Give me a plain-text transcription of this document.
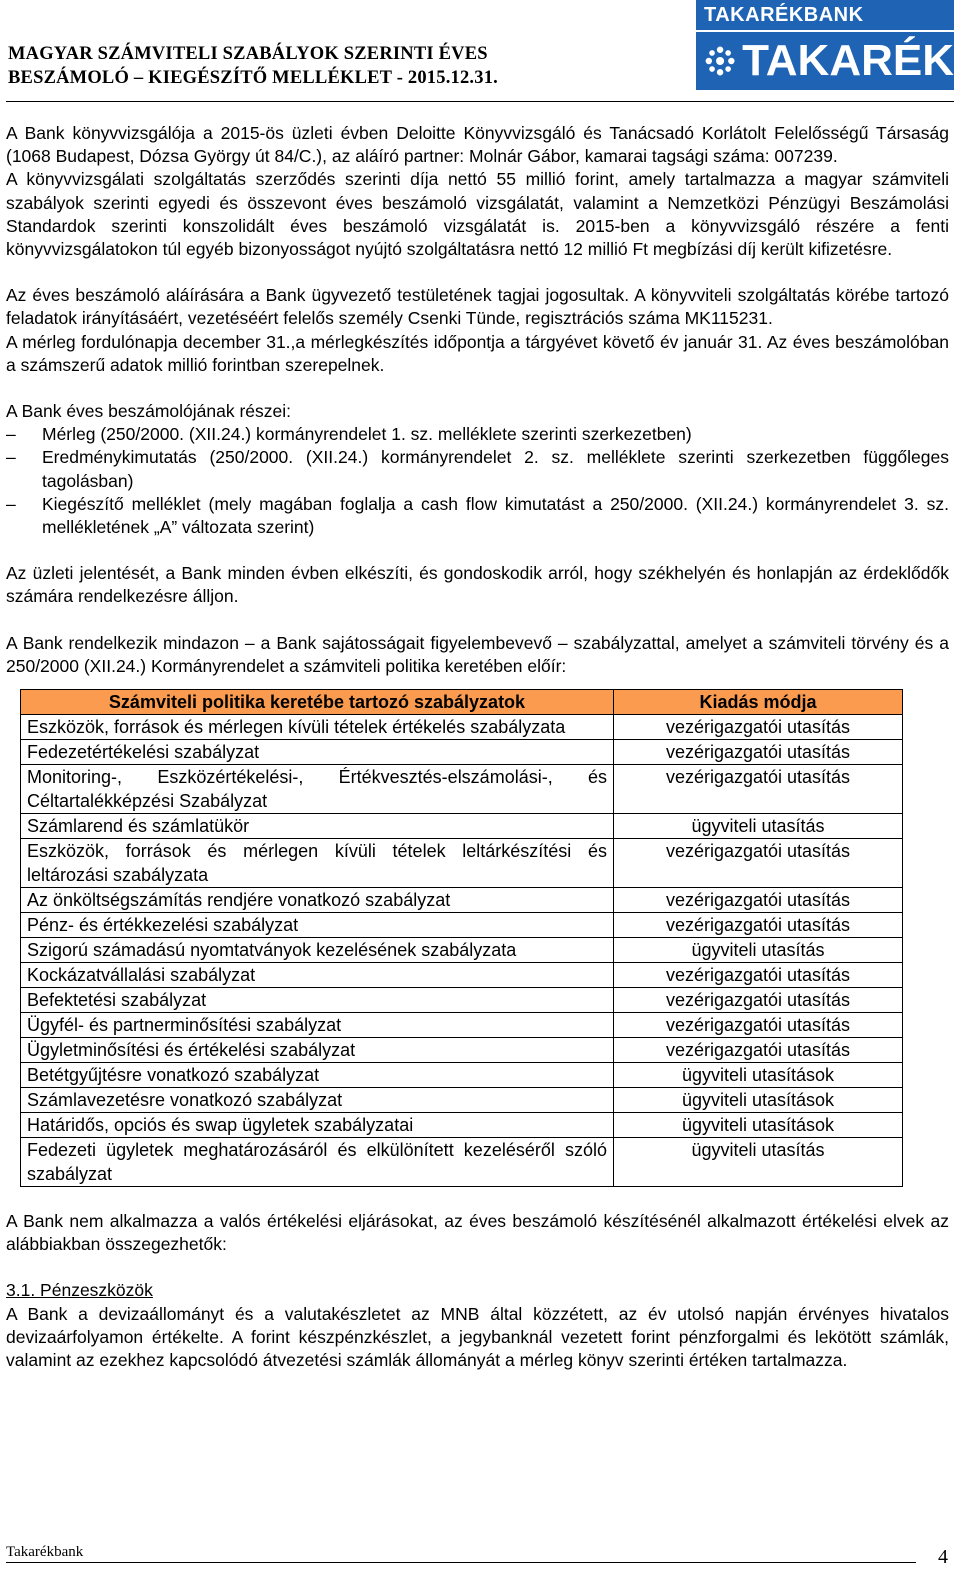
MAGYAR SZÁMVITELI SZABÁLYOK SZERINTI ÉVES
BESZÁMOLÓ – KIEGÉSZÍTŐ MELLÉKLET - 2015.12.31.
TAKARÉKBANK
TAKARÉK

A Bank könyvvizsgálója a 2015-ös üzleti évben Deloitte Könyvvizsgáló és Tanácsadó Korlátolt Felelősségű Társaság (1068 Budapest, Dózsa György út 84/C.), az aláíró partner: Molnár Gábor, kamarai tagsági száma: 007239.

A könyvvizsgálati szolgáltatás szerződés szerinti díja nettó 55 millió forint, amely tartalmazza a magyar számviteli szabályok szerinti egyedi és összevont éves beszámoló vizsgálatát, valamint a Nemzetközi Pénzügyi Beszámolási Standardok szerinti konszolidált éves beszámoló vizsgálatát is. 2015-ben a könyvvizsgáló részére a fenti könyvvizsgálatokon túl egyéb bizonyosságot nyújtó szolgáltatásra nettó 12 millió Ft megbízási díj került kifizetésre.

Az éves beszámoló aláírására a Bank ügyvezető testületének tagjai jogosultak. A könyvviteli szolgáltatás körébe tartozó feladatok irányításáért, vezetéséért felelős személy Csenki Tünde, regisztrációs száma MK115231.

A mérleg fordulónapja december 31.,a mérlegkészítés időpontja a tárgyévet követő év január 31. Az éves beszámolóban a számszerű adatok millió forintban szerepelnek.

A Bank éves beszámolójának részei:

– Mérleg (250/2000. (XII.24.) kormányrendelet 1. sz. melléklete szerinti szerkezetben)
– Eredménykimutatás (250/2000. (XII.24.) kormányrendelet 2. sz. melléklete szerinti szerkezetben függőleges tagolásban)
– Kiegészítő melléklet (mely magában foglalja a cash flow kimutatást a 250/2000. (XII.24.) kormányrendelet 3. sz. mellékletének „A” változata szerint)

Az üzleti jelentését, a Bank minden évben elkészíti, és gondoskodik arról, hogy székhelyén és honlapján az érdeklődők számára rendelkezésre álljon.

A Bank rendelkezik mindazon – a Bank sajátosságait figyelembevevő – szabályzattal, amelyet a számviteli törvény és a 250/2000 (XII.24.) Kormányrendelet a számviteli politika keretében előír:

Számviteli politika keretébe tartozó szabályzatok	Kiadás módja
Eszközök, források és mérlegen kívüli tételek értékelés szabályzata	vezérigazgatói utasítás
Fedezetértékelési szabályzat	vezérigazgatói utasítás
Monitoring-, Eszközértékelési-, Értékvesztés-elszámolási-, és Céltartalékképzési Szabályzat	vezérigazgatói utasítás
Számlarend és számlatükör	ügyviteli utasítás
Eszközök, források és mérlegen kívüli tételek leltárkészítési és leltározási szabályzata	vezérigazgatói utasítás
Az önköltségszámítás rendjére vonatkozó szabályzat	vezérigazgatói utasítás
Pénz- és értékkezelési szabályzat	vezérigazgatói utasítás
Szigorú számadású nyomtatványok kezelésének szabályzata	ügyviteli utasítás
Kockázatvállalási szabályzat	vezérigazgatói utasítás
Befektetési szabályzat	vezérigazgatói utasítás
Ügyfél- és partnerminősítési szabályzat	vezérigazgatói utasítás
Ügyletminősítési és értékelési szabályzat	vezérigazgatói utasítás
Betétgyűjtésre vonatkozó szabályzat	ügyviteli utasítások
Számlavezetésre vonatkozó szabályzat	ügyviteli utasítások
Határidős, opciós és swap ügyletek szabályzatai	ügyviteli utasítások
Fedezeti ügyletek meghatározásáról és elkülönített kezeléséről szóló szabályzat	ügyviteli utasítás

A Bank nem alkalmazza a valós értékelési eljárásokat, az éves beszámoló készítésénél alkalmazott értékelési elvek az alábbiakban összegezhetők:

3.1. Pénzeszközök

A Bank a devizaállományt és a valutakészletet az MNB által közzétett, az év utolsó napján érvényes hivatalos devizaárfolyamon értékelte. A forint készpénzkészlet, a jegybanknál vezetett forint pénzforgalmi és lekötött számlák, valamint az ezekhez kapcsolódó átvezetési számlák állományát a mérleg könyv szerinti értéken tartalmazza.

Takarékbank	4
